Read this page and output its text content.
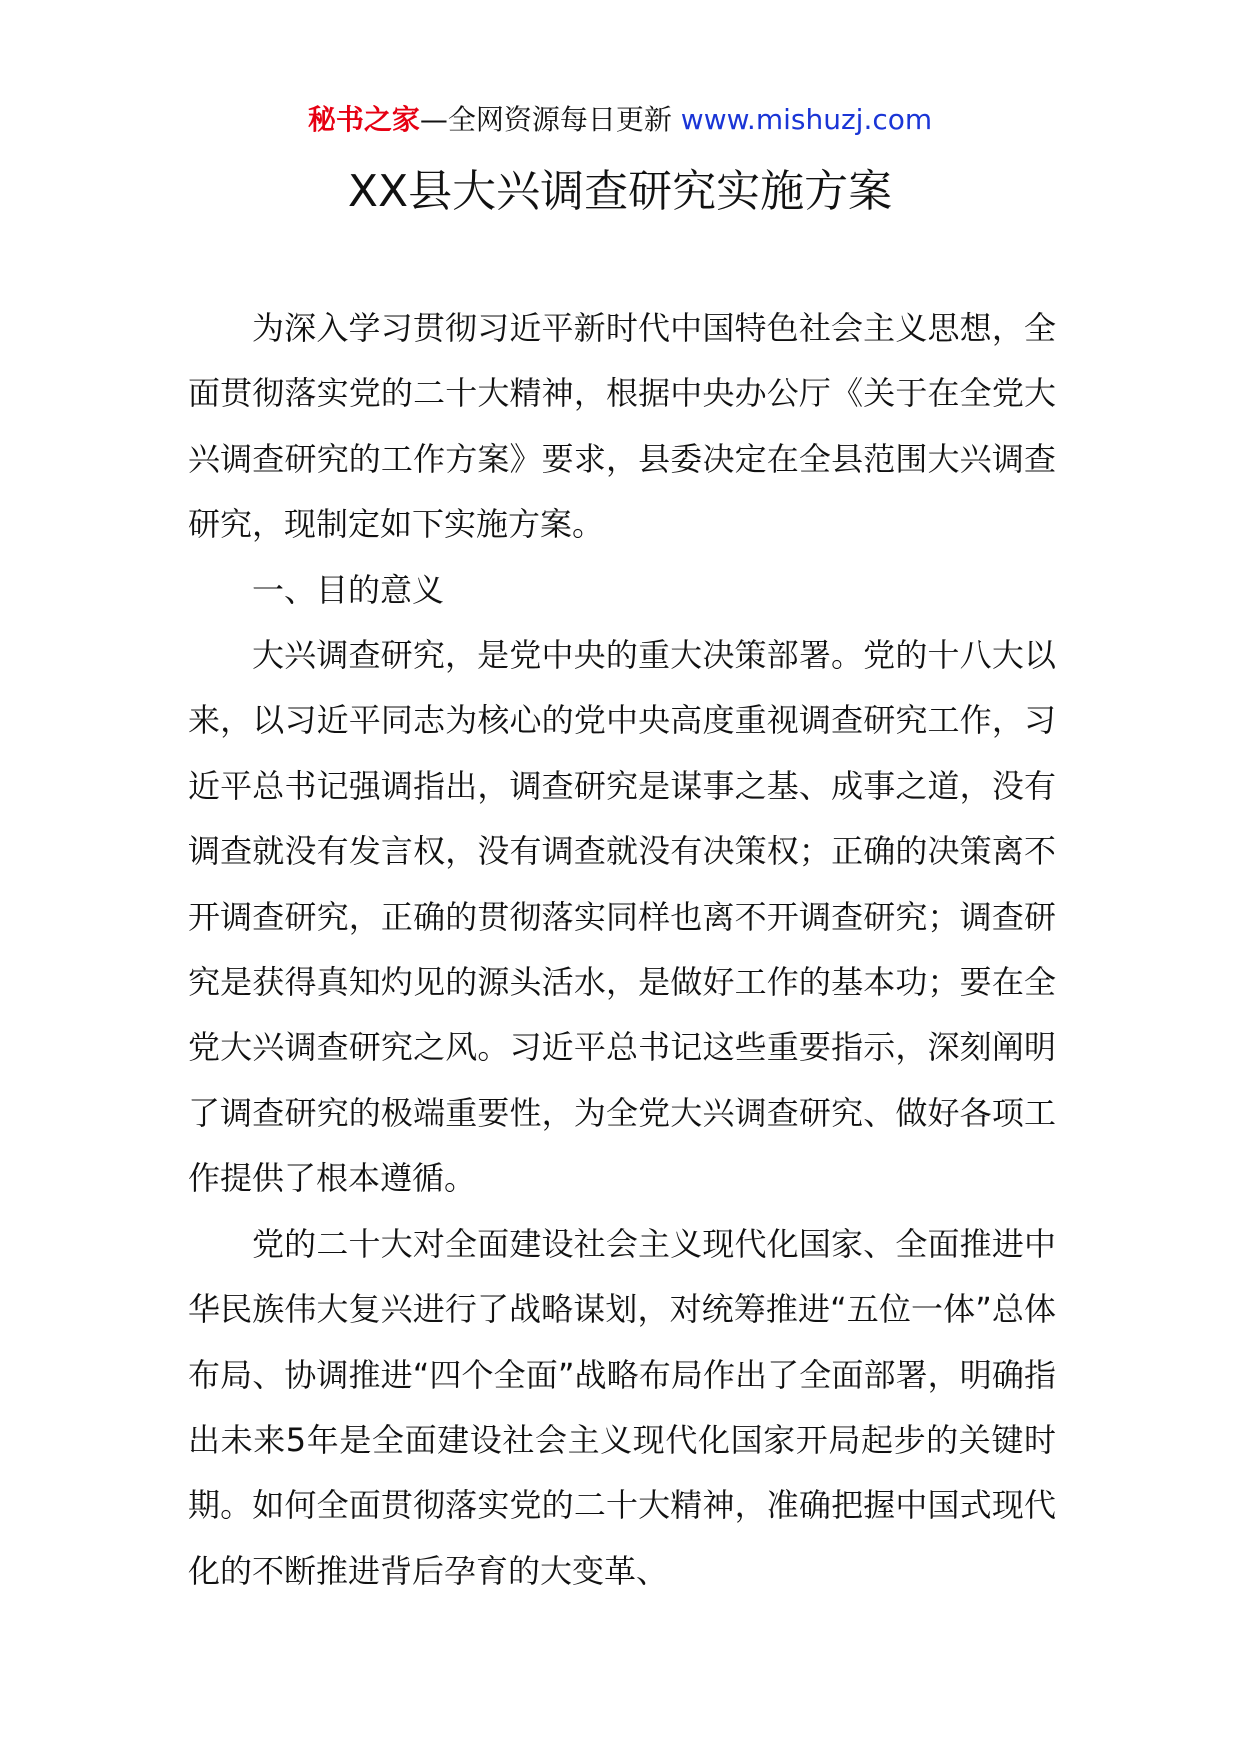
秘书之家—全网资源每日更新 www.mishuzj.com
XX县大兴调查研究实施方案

为深入学习贯彻习近平新时代中国特色社会主义思想，全面贯彻落实党的二十大精神，根据中央办公厅《关于在全党大兴调查研究的工作方案》要求，县委决定在全县范围大兴调查研究，现制定如下实施方案。

一、目的意义

大兴调查研究，是党中央的重大决策部署。党的十八大以来，以习近平同志为核心的党中央高度重视调查研究工作，习近平总书记强调指出，调查研究是谋事之基、成事之道，没有调查就没有发言权，没有调查就没有决策权；正确的决策离不开调查研究，正确的贯彻落实同样也离不开调查研究；调查研究是获得真知灼见的源头活水，是做好工作的基本功；要在全党大兴调查研究之风。习近平总书记这些重要指示，深刻阐明了调查研究的极端重要性，为全党大兴调查研究、做好各项工作提供了根本遵循。

党的二十大对全面建设社会主义现代化国家、全面推进中华民族伟大复兴进行了战略谋划，对统筹推进“五位一体”总体布局、协调推进“四个全面”战略布局作出了全面部署，明确指出未来5年是全面建设社会主义现代化国家开局起步的关键时期。如何全面贯彻落实党的二十大精神，准确把握中国式现代化的不断推进背后孕育的大变革、
